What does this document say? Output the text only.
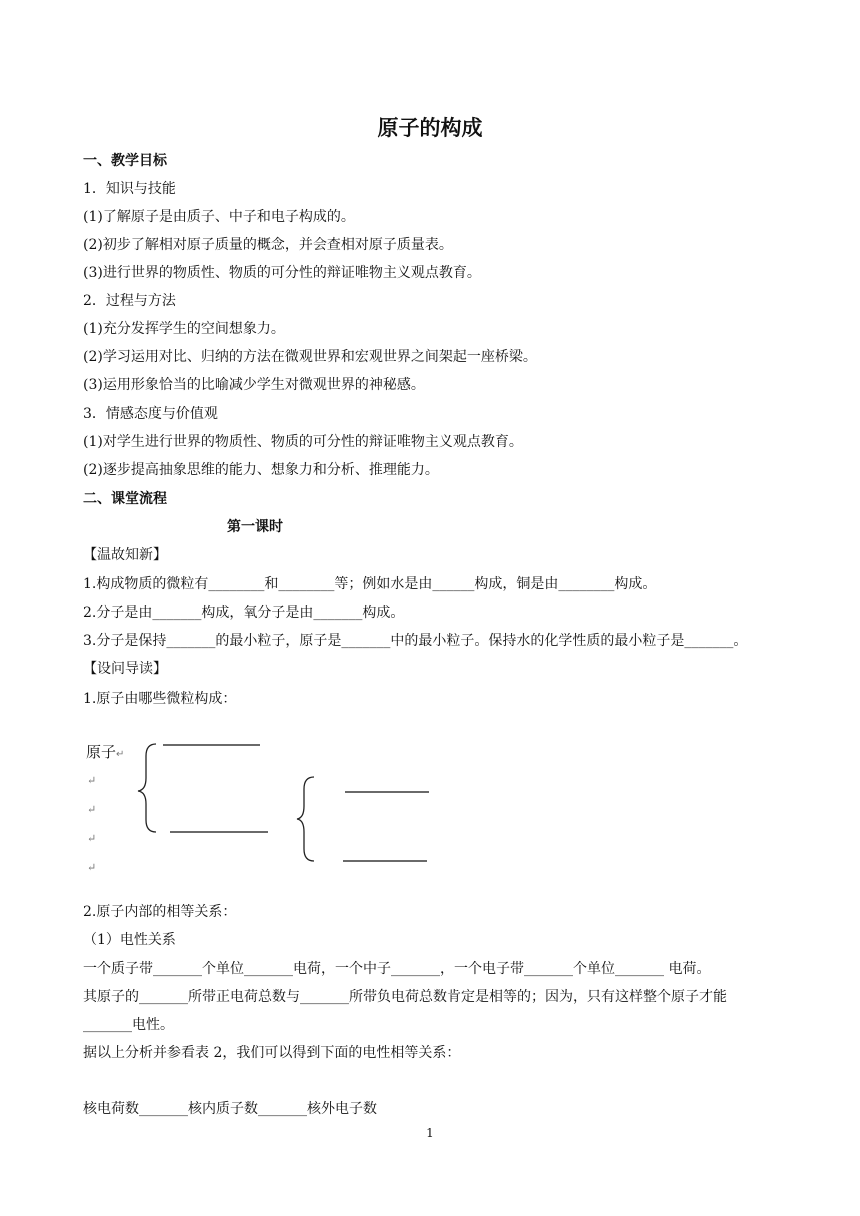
原子的构成
一、教学目标
1．知识与技能
(1)了解原子是由质子、中子和电子构成的。
(2)初步了解相对原子质量的概念，并会查相对原子质量表。
(3)进行世界的物质性、物质的可分性的辩证唯物主义观点教育。
2．过程与方法
(1)充分发挥学生的空间想象力。
(2)学习运用对比、归纳的方法在微观世界和宏观世界之间架起一座桥梁。
(3)运用形象恰当的比喻减少学生对微观世界的神秘感。
3．情感态度与价值观
(1)对学生进行世界的物质性、物质的可分性的辩证唯物主义观点教育。
(2)逐步提高抽象思维的能力、想象力和分析、推理能力。
二、课堂流程
第一课时
【温故知新】
1.构成物质的微粒有________和________等；例如水是由______构成，铜是由________构成。
2.分子是由_______构成，氧分子是由_______构成。
3.分子是保持_______的最小粒子，原子是_______中的最小粒子。保持水的化学性质的最小粒子是_______。
【设问导读】
1.原子由哪些微粒构成：
2.原子内部的相等关系：
（1）电性关系
一个质子带_______个单位_______电荷，一个中子_______，一个电子带_______个单位_______ 电荷。
其原子的_______所带正电荷总数与_______所带负电荷总数肯定是相等的；因为，只有这样整个原子才能
_______电性。
据以上分析并参看表 2，我们可以得到下面的电性相等关系：
核电荷数_______核内质子数_______核外电子数
原子↵
↵
↵
↵
↵
1
